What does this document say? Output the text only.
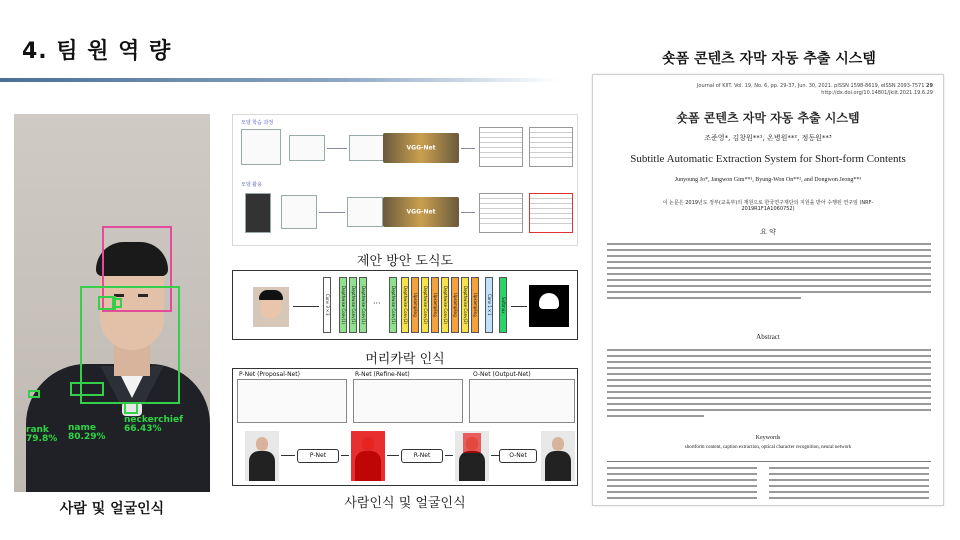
4. 팀 원 역 량
rank
79.8%
name
80.29%
neckerchief
66.43%
사람 및 얼굴인식
모델 학습 과정
VGG-Net
모델 활용
VGG-Net
제안 방안 도식도
Conv 3×3	Depthwise Conv(1)	Depthwise Conv(1)	Depthwise Conv(1) ···	Depthwise Conv(1)	Depthwise Conv(2)	Upsampling	Depthwise Conv(2)	Upsampling	Depthwise Conv(2)	Upsampling	Depthwise Conv(2)	Upsampling	Conv 1×1	Softmax
머리카락 인식
P-Net (Proposal-Net)	R-Net (Refine-Net)	O-Net (Output-Net)
P-Net	R-Net	O-Net
사람인식 및 얼굴인식
숏폼 콘텐츠 자막 자동 추출 시스템
Journal of KIIT. Vol. 19, No. 6, pp. 29-37, Jun. 30, 2021. pISSN 1598-8619, eISSN 2093-7571 29
http://dx.doi.org/10.14801/jkiit.2021.19.6.29
숏폼 콘텐츠 자막 자동 추출 시스템
조준영*, 김창원**¹, 온병원**², 정동원**³
Subtitle Automatic Extraction System for Short-form Contents
Junyoung Jo*, Jangwon Gim**¹, Byung-Won On**², and Dongwon Jeong**³
이 논문은 2019년도 정부(교육부)의 재원으로 한국연구재단의 지원을 받아 수행된 연구임 (NRF-2019R1F1A1060752)
요 약
Abstract
Keywords
shortform content, caption extraction, optical character recognition, neural network
